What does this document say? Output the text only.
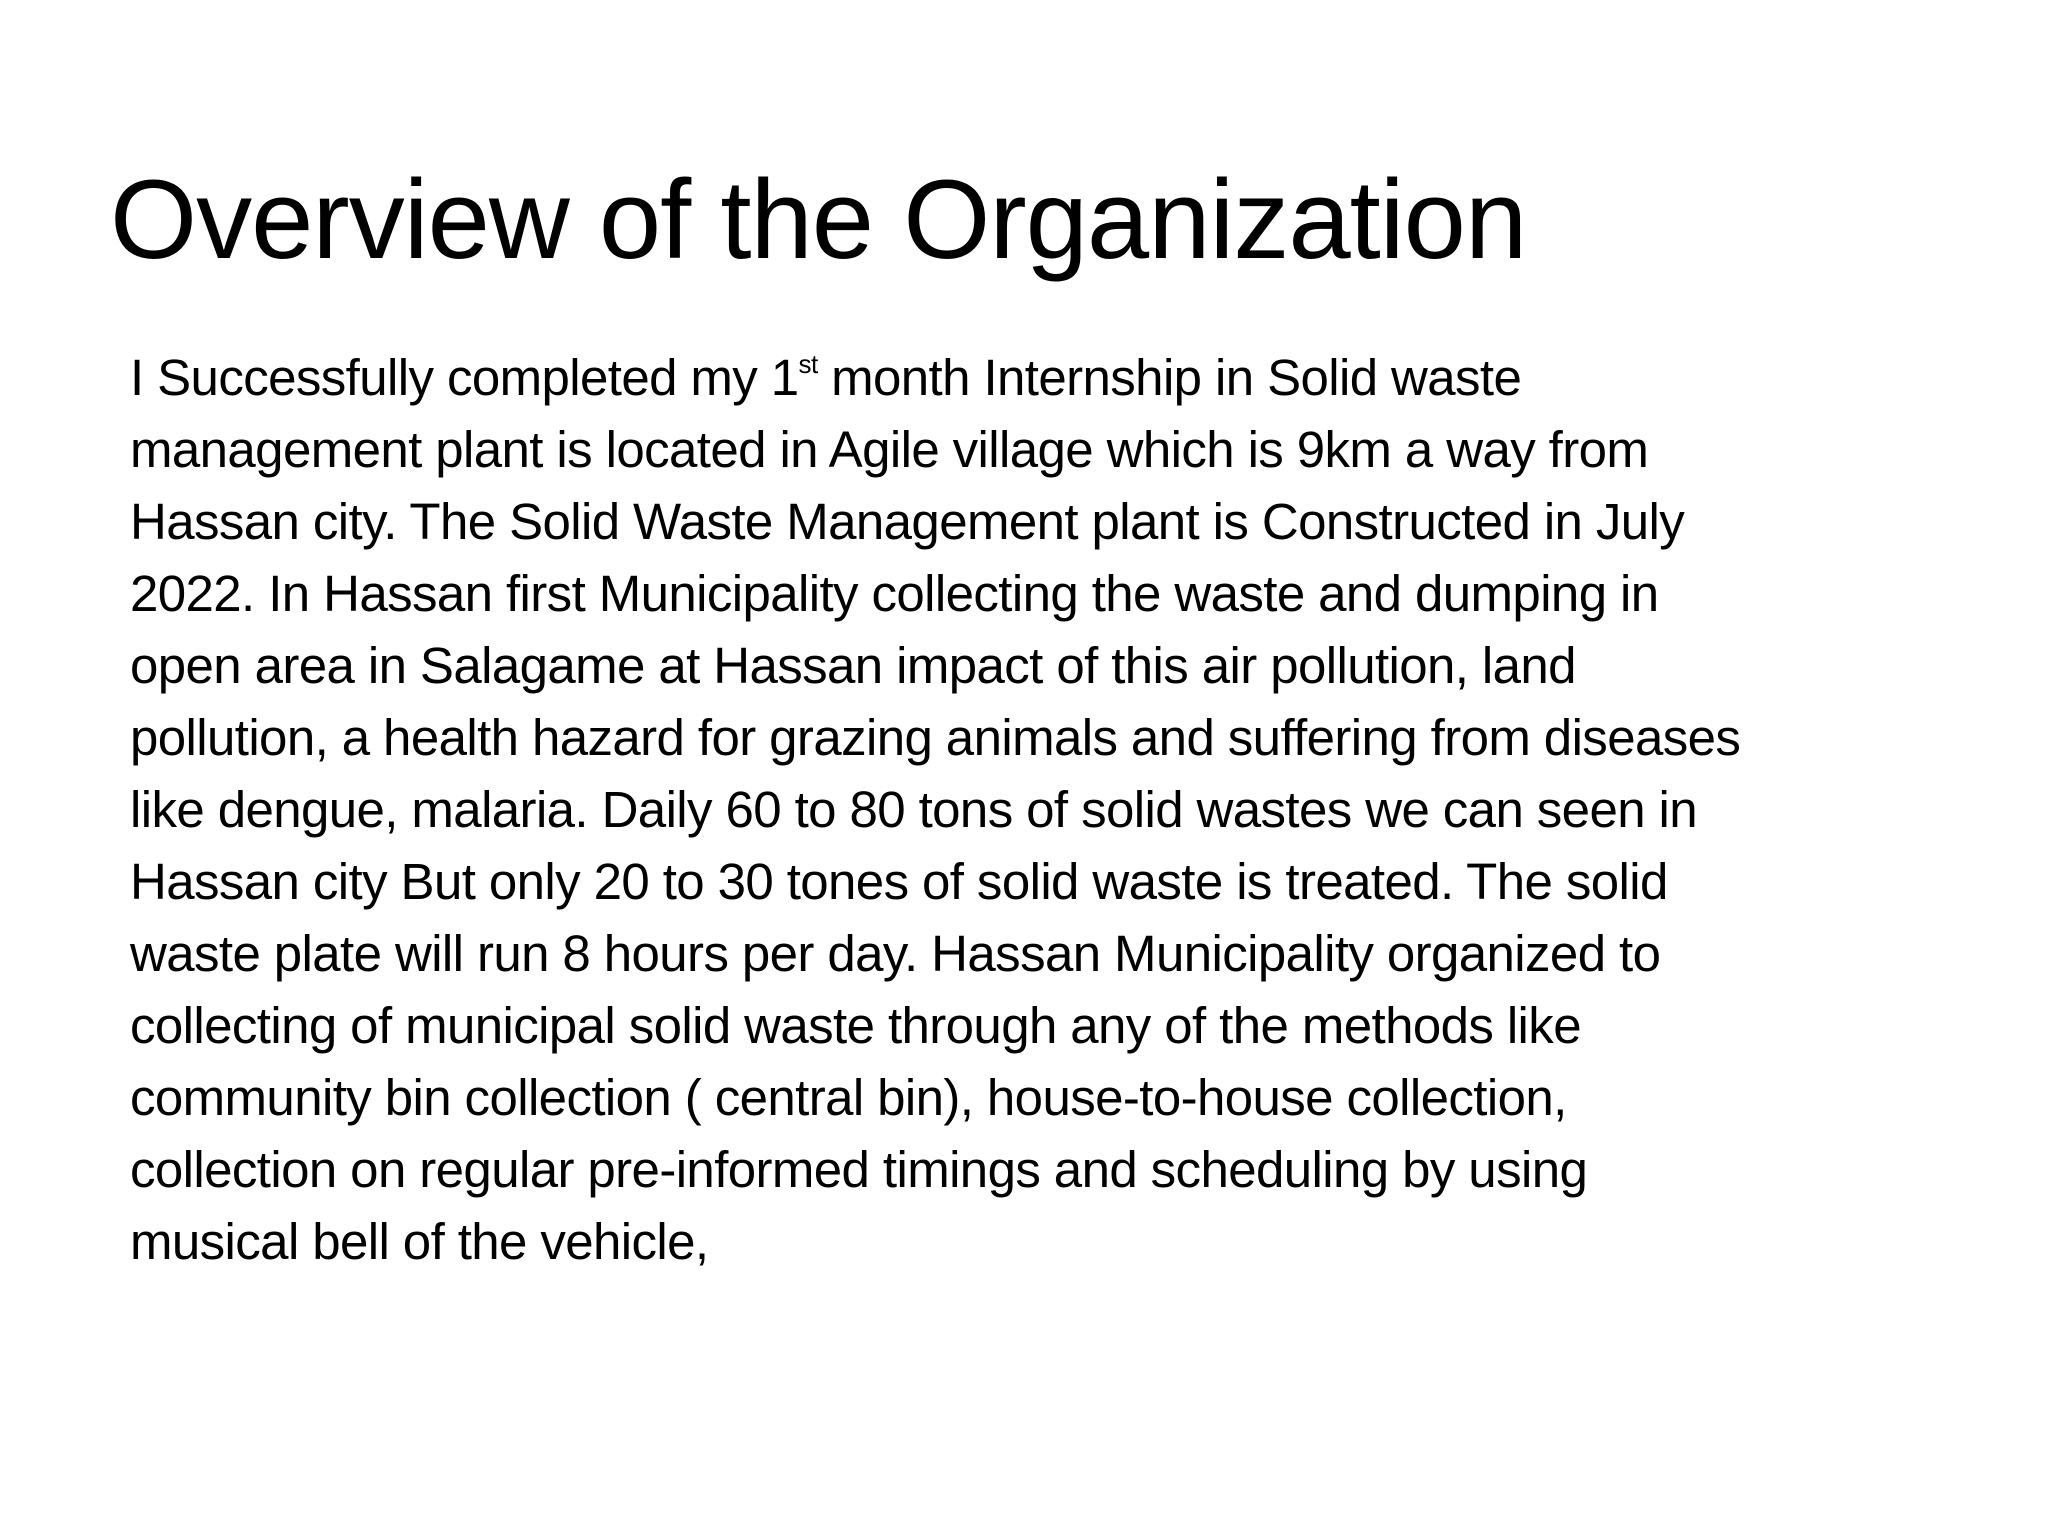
Overview of the Organization
I Successfully completed my 1st month Internship in Solid waste
management plant is located in Agile village which is 9km a way from
Hassan city. The Solid Waste Management plant is Constructed in July
2022. In Hassan first Municipality collecting the waste and dumping in
open area in Salagame at Hassan impact of this air pollution, land
pollution, a health hazard for grazing animals and suffering from diseases
like dengue, malaria. Daily 60 to 80 tons of solid wastes we can seen in
Hassan city But only 20 to 30 tones of solid waste is treated. The solid
waste plate will run 8 hours per day. Hassan Municipality organized to
collecting of municipal solid waste through any of the methods like
community bin collection ( central bin), house-to-house collection,
collection on regular pre-informed timings and scheduling by using
musical bell of the vehicle,
